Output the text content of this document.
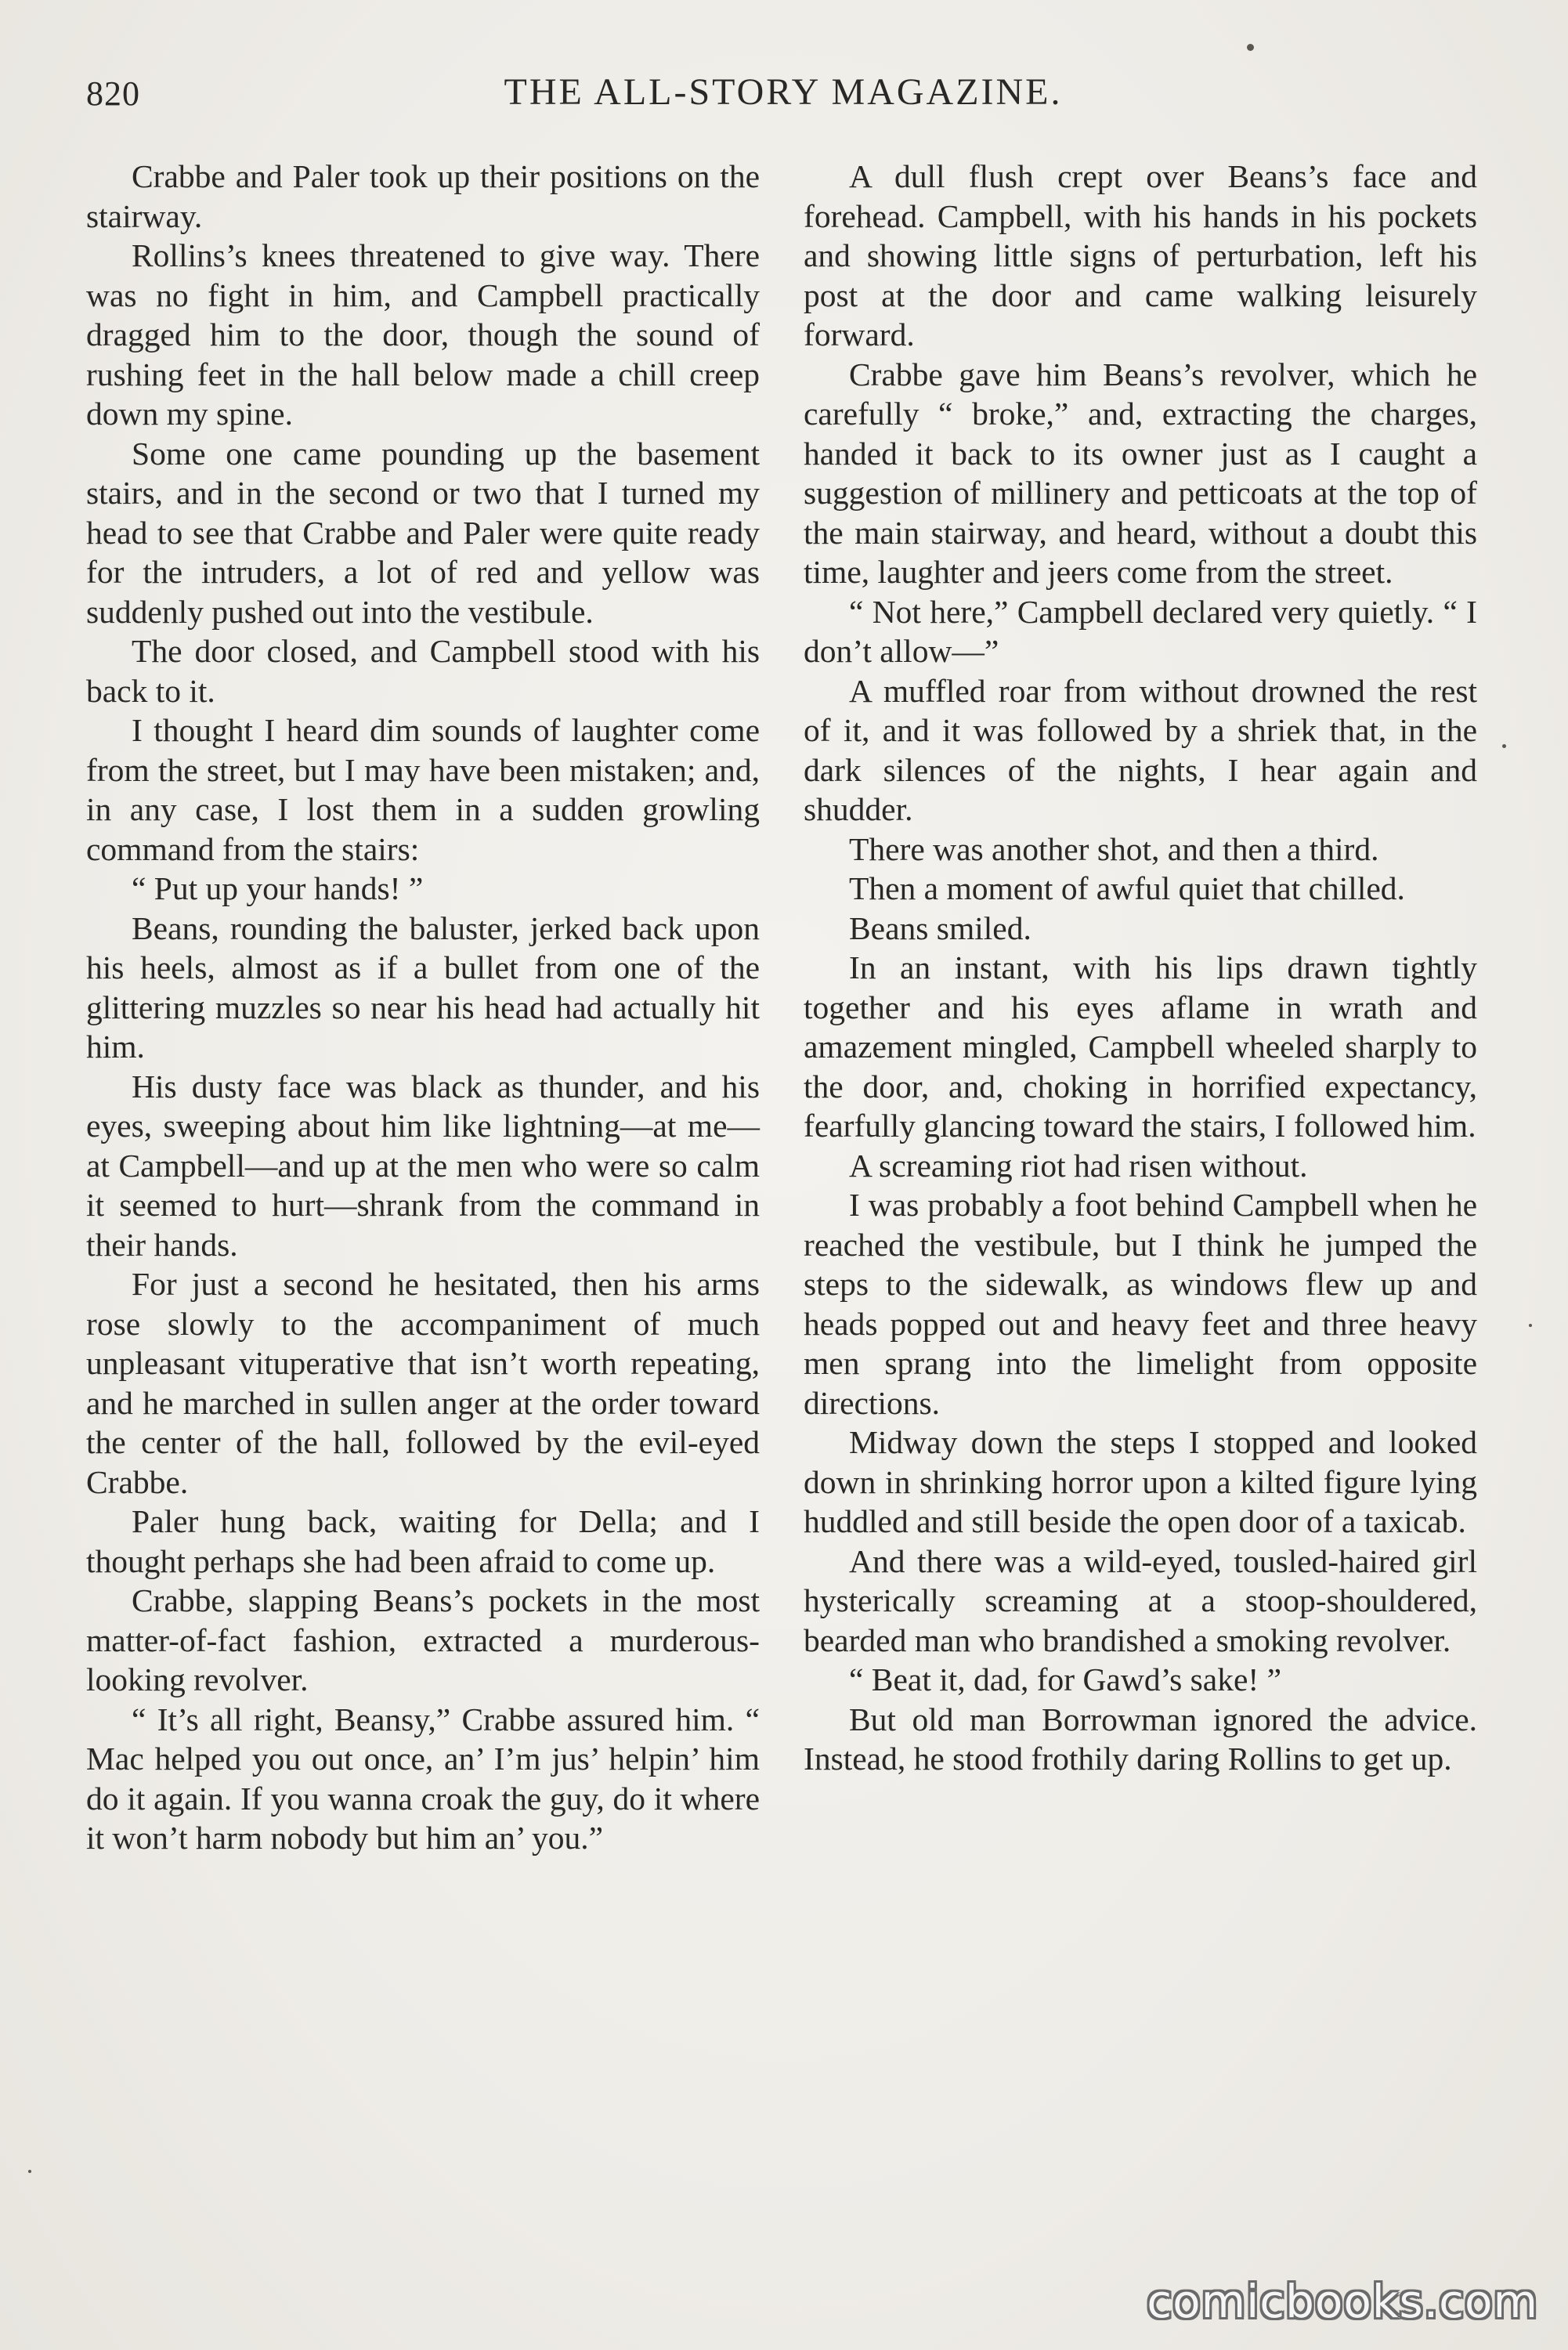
820	THE ALL-STORY MAGAZINE.

Crabbe and Paler took up their positions on the stairway.

Rollins’s knees threatened to give way. There was no fight in him, and Campbell practically dragged him to the door, though the sound of rushing feet in the hall below made a chill creep down my spine.

Some one came pounding up the basement stairs, and in the second or two that I turned my head to see that Crabbe and Paler were quite ready for the intruders, a lot of red and yellow was suddenly pushed out into the vestibule.

The door closed, and Campbell stood with his back to it.

I thought I heard dim sounds of laughter come from the street, but I may have been mistaken; and, in any case, I lost them in a sudden growling command from the stairs:

“ Put up your hands! ”

Beans, rounding the baluster, jerked back upon his heels, almost as if a bullet from one of the glittering muzzles so near his head had actually hit him.

His dusty face was black as thunder, and his eyes, sweeping about him like lightning—at me—at Campbell—and up at the men who were so calm it seemed to hurt—shrank from the command in their hands.

For just a second he hesitated, then his arms rose slowly to the accompaniment of much unpleasant vituperative that isn’t worth repeating, and he marched in sullen anger at the order toward the center of the hall, followed by the evil-eyed Crabbe.

Paler hung back, waiting for Della; and I thought perhaps she had been afraid to come up.

Crabbe, slapping Beans’s pockets in the most matter-of-fact fashion, extracted a murderous-looking revolver.

“ It’s all right, Beansy,” Crabbe assured him. “ Mac helped you out once, an’ I’m jus’ helpin’ him do it again. If you wanna croak the guy, do it where it won’t harm nobody but him an’ you.”

A dull flush crept over Beans’s face and forehead. Campbell, with his hands in his pockets and showing little signs of perturbation, left his post at the door and came walking leisurely forward.

Crabbe gave him Beans’s revolver, which he carefully “ broke,” and, extracting the charges, handed it back to its owner just as I caught a suggestion of millinery and petticoats at the top of the main stairway, and heard, without a doubt this time, laughter and jeers come from the street.

“ Not here,” Campbell declared very quietly. “ I don’t allow—”

A muffled roar from without drowned the rest of it, and it was followed by a shriek that, in the dark silences of the nights, I hear again and shudder.

There was another shot, and then a third.

Then a moment of awful quiet that chilled.

Beans smiled.

In an instant, with his lips drawn tightly together and his eyes aflame in wrath and amazement mingled, Campbell wheeled sharply to the door, and, choking in horrified expectancy, fearfully glancing toward the stairs, I followed him.

A screaming riot had risen without.

I was probably a foot behind Campbell when he reached the vestibule, but I think he jumped the steps to the sidewalk, as windows flew up and heads popped out and heavy feet and three heavy men sprang into the limelight from opposite directions.

Midway down the steps I stopped and looked down in shrinking horror upon a kilted figure lying huddled and still beside the open door of a taxicab.

And there was a wild-eyed, tousled-haired girl hysterically screaming at a stoop-shouldered, bearded man who brandished a smoking revolver.

“ Beat it, dad, for Gawd’s sake! ”

But old man Borrowman ignored the advice. Instead, he stood frothily daring Rollins to get up.

comicbooks.com
